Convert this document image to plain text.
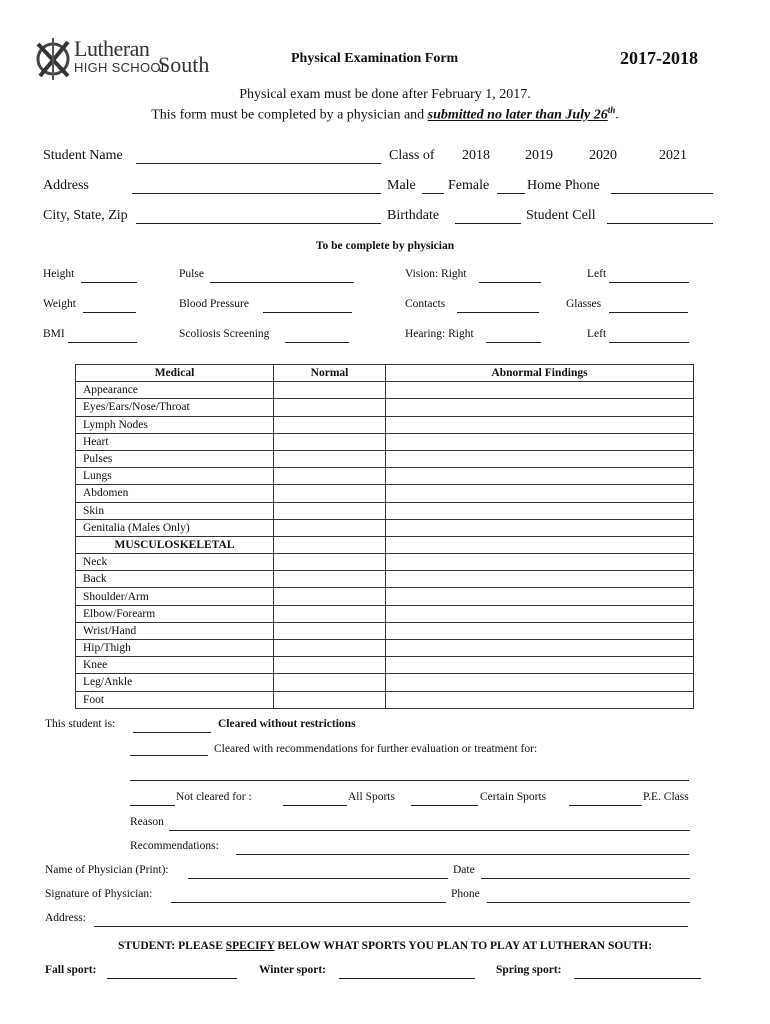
Lutheran
HIGH SCHOOL
South	Physical Examination Form	2017-2018
Physical exam must be done after February 1, 2017.
This form must be completed by a physician and submitted no later than July 26th.
Student Name	Class of 2018	2019	2020	2021
Address	Male Female	Home Phone
City, State, Zip	Birthdate	Student Cell
To be complete by physician
Height	Pulse	Vision: Right	Left
Weight	Blood Pressure	Contacts	Glasses
BMI	Scoliosis Screening	Hearing: Right	Left
Medical	Normal	Abnormal Findings
Appearance		
Eyes/Ears/Nose/Throat		
Lymph Nodes		
Heart		
Pulses		
Lungs		
Abdomen		
Skin		
Genitalia (Males Only)		
MUSCULOSKELETAL		
Neck		
Back		
Shoulder/Arm		
Elbow/Forearm		
Wrist/Hand		
Hip/Thigh		
Knee		
Leg/Ankle		
Foot		
This student is:	Cleared without restrictions
Cleared with recommendations for further evaluation or treatment for:
Not cleared for :	All Sports	Certain Sports	P.E. Class
Reason
Recommendations:
Name of Physician (Print):	Date
Signature of Physician:	Phone
Address:
STUDENT: PLEASE SPECIFY BELOW WHAT SPORTS YOU PLAN TO PLAY AT LUTHERAN SOUTH:
Fall sport:	Winter sport:	Spring sport:
